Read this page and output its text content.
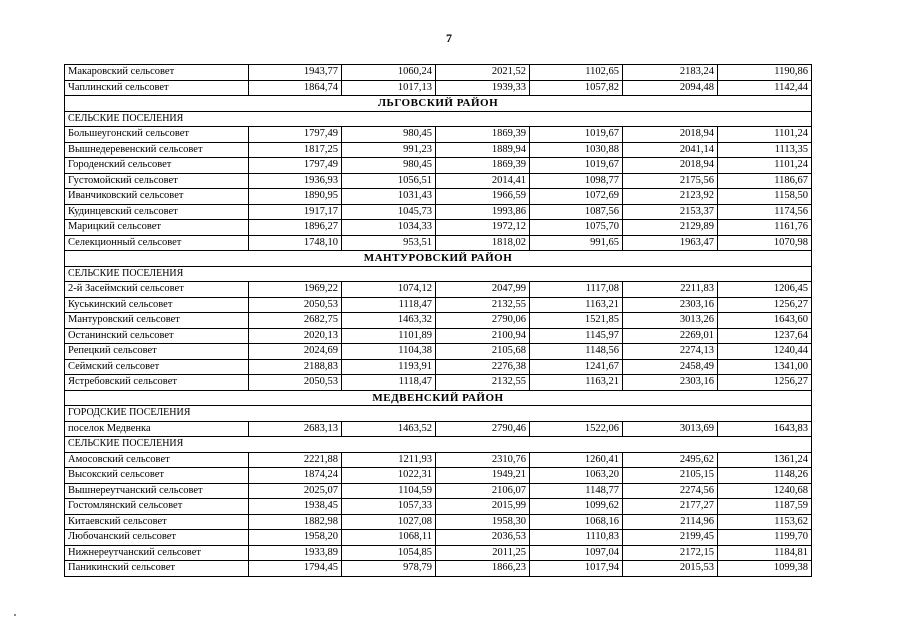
7
Макаровский сельсовет	1943,77	1060,24	2021,52	1102,65	2183,24	1190,86
Чаплинский сельсовет	1864,74	1017,13	1939,33	1057,82	2094,48	1142,44
ЛЬГОВСКИЙ РАЙОН						
СЕЛЬСКИЕ ПОСЕЛЕНИЯ						
Большеугонский сельсовет	1797,49	980,45	1869,39	1019,67	2018,94	1101,24
Вышнедеревенский сельсовет	1817,25	991,23	1889,94	1030,88	2041,14	1113,35
Городенский сельсовет	1797,49	980,45	1869,39	1019,67	2018,94	1101,24
Густомойский сельсовет	1936,93	1056,51	2014,41	1098,77	2175,56	1186,67
Иванчиковский сельсовет	1890,95	1031,43	1966,59	1072,69	2123,92	1158,50
Кудинцевский сельсовет	1917,17	1045,73	1993,86	1087,56	2153,37	1174,56
Марицкий сельсовет	1896,27	1034,33	1972,12	1075,70	2129,89	1161,76
Селекционный сельсовет	1748,10	953,51	1818,02	991,65	1963,47	1070,98
МАНТУРОВСКИЙ РАЙОН						
СЕЛЬСКИЕ ПОСЕЛЕНИЯ						
2-й Засеймский сельсовет	1969,22	1074,12	2047,99	1117,08	2211,83	1206,45
Куськинский сельсовет	2050,53	1118,47	2132,55	1163,21	2303,16	1256,27
Мантуровский сельсовет	2682,75	1463,32	2790,06	1521,85	3013,26	1643,60
Останинский сельсовет	2020,13	1101,89	2100,94	1145,97	2269,01	1237,64
Репецкий сельсовет	2024,69	1104,38	2105,68	1148,56	2274,13	1240,44
Сеймский сельсовет	2188,83	1193,91	2276,38	1241,67	2458,49	1341,00
Ястребовский сельсовет	2050,53	1118,47	2132,55	1163,21	2303,16	1256,27
МЕДВЕНСКИЙ РАЙОН						
ГОРОДСКИЕ ПОСЕЛЕНИЯ						
поселок Медвенка	2683,13	1463,52	2790,46	1522,06	3013,69	1643,83
СЕЛЬСКИЕ ПОСЕЛЕНИЯ						
Амосовский сельсовет	2221,88	1211,93	2310,76	1260,41	2495,62	1361,24
Высокский сельсовет	1874,24	1022,31	1949,21	1063,20	2105,15	1148,26
Вышнереутчанский сельсовет	2025,07	1104,59	2106,07	1148,77	2274,56	1240,68
Гостомлянский сельсовет	1938,45	1057,33	2015,99	1099,62	2177,27	1187,59
Китаевский сельсовет	1882,98	1027,08	1958,30	1068,16	2114,96	1153,62
Любочанский сельсовет	1958,20	1068,11	2036,53	1110,83	2199,45	1199,70
Нижнереутчанский сельсовет	1933,89	1054,85	2011,25	1097,04	2172,15	1184,81
Паникинский сельсовет	1794,45	978,79	1866,23	1017,94	2015,53	1099,38
